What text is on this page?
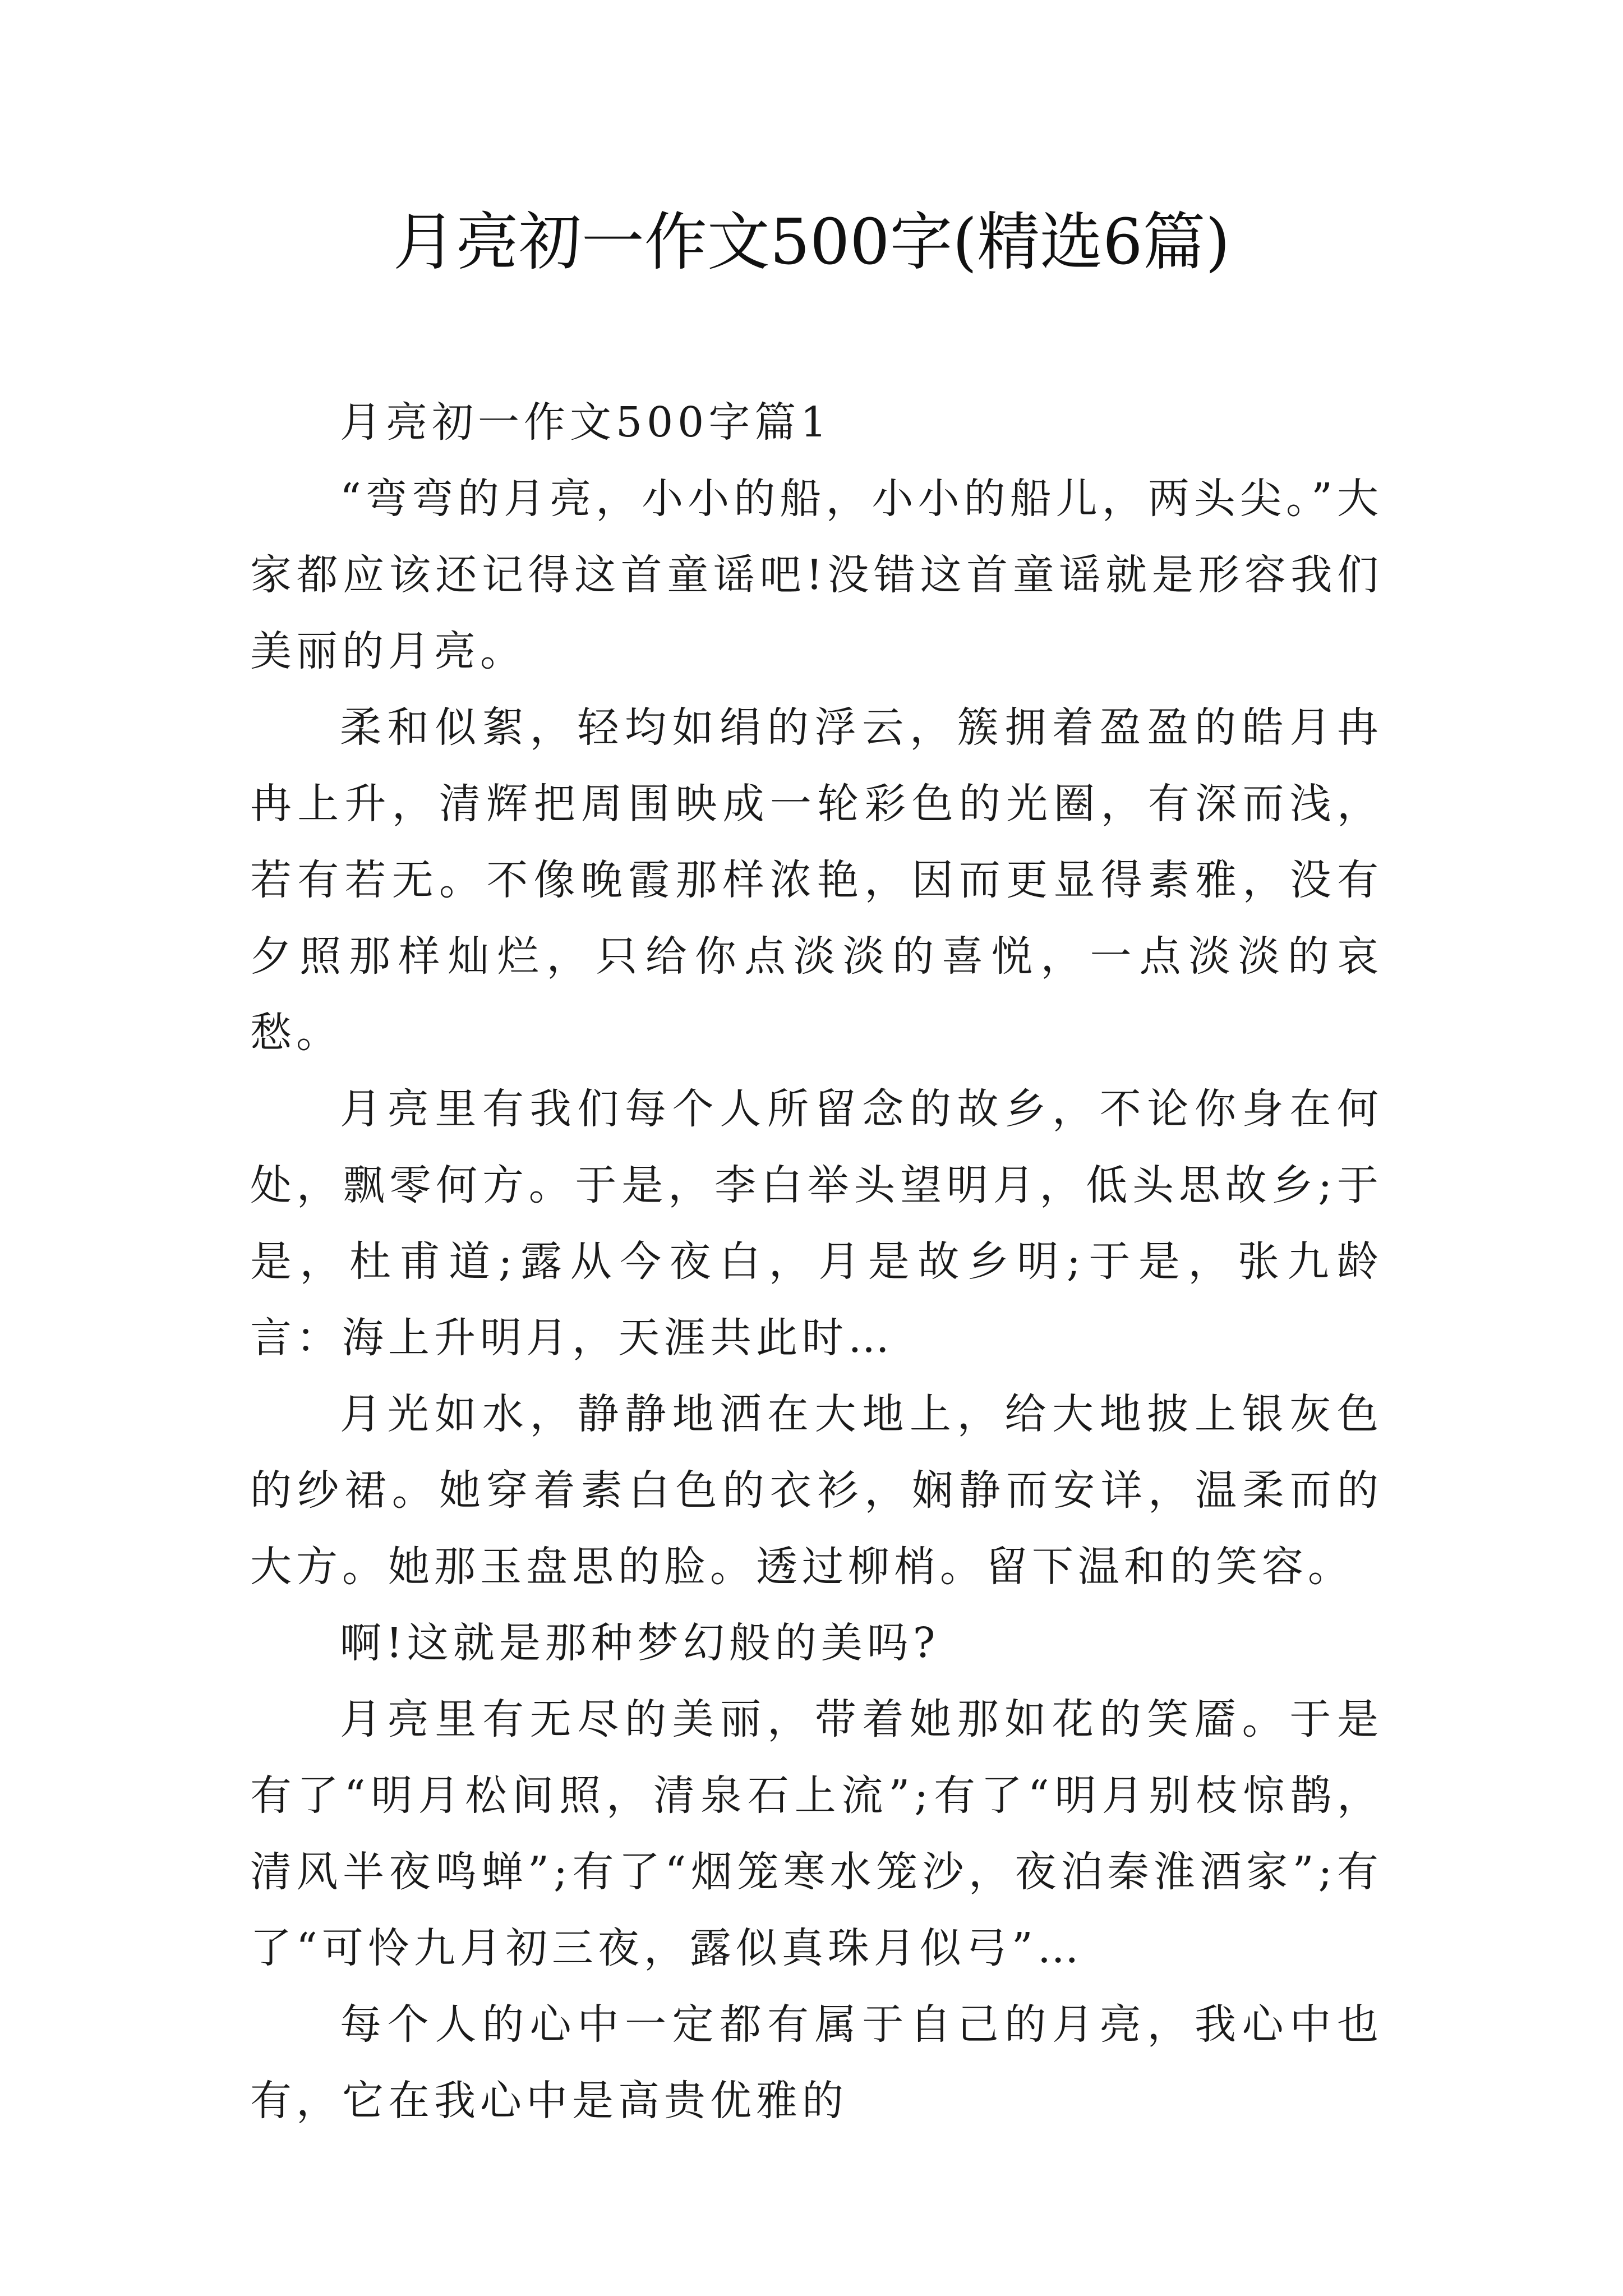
月亮初一作文500字(精选6篇)
月亮初一作文500字篇1

“弯弯的月亮，小小的船，小小的船儿，两头尖。”大家都应该还记得这首童谣吧!没错这首童谣就是形容我们美丽的月亮。

柔和似絮，轻均如绢的浮云，簇拥着盈盈的皓月冉冉上升，清辉把周围映成一轮彩色的光圈，有深而浅，若有若无。不像晚霞那样浓艳，因而更显得素雅，没有夕照那样灿烂，只给你点淡淡的喜悦，一点淡淡的哀愁。

月亮里有我们每个人所留念的故乡，不论你身在何处，飘零何方。于是，李白举头望明月，低头思故乡;于是，杜甫道;露从今夜白，月是故乡明;于是，张九龄言：海上升明月，天涯共此时…

月光如水，静静地洒在大地上，给大地披上银灰色的纱裙。她穿着素白色的衣衫，娴静而安详，温柔而的大方。她那玉盘思的脸。透过柳梢。留下温和的笑容。

啊!这就是那种梦幻般的美吗?

月亮里有无尽的美丽，带着她那如花的笑靥。于是有了“明月松间照，清泉石上流”;有了“明月别枝惊鹊，清风半夜鸣蝉”;有了“烟笼寒水笼沙，夜泊秦淮酒家”;有了“可怜九月初三夜，露似真珠月似弓”…

每个人的心中一定都有属于自己的月亮，我心中也有，它在我心中是高贵优雅的
